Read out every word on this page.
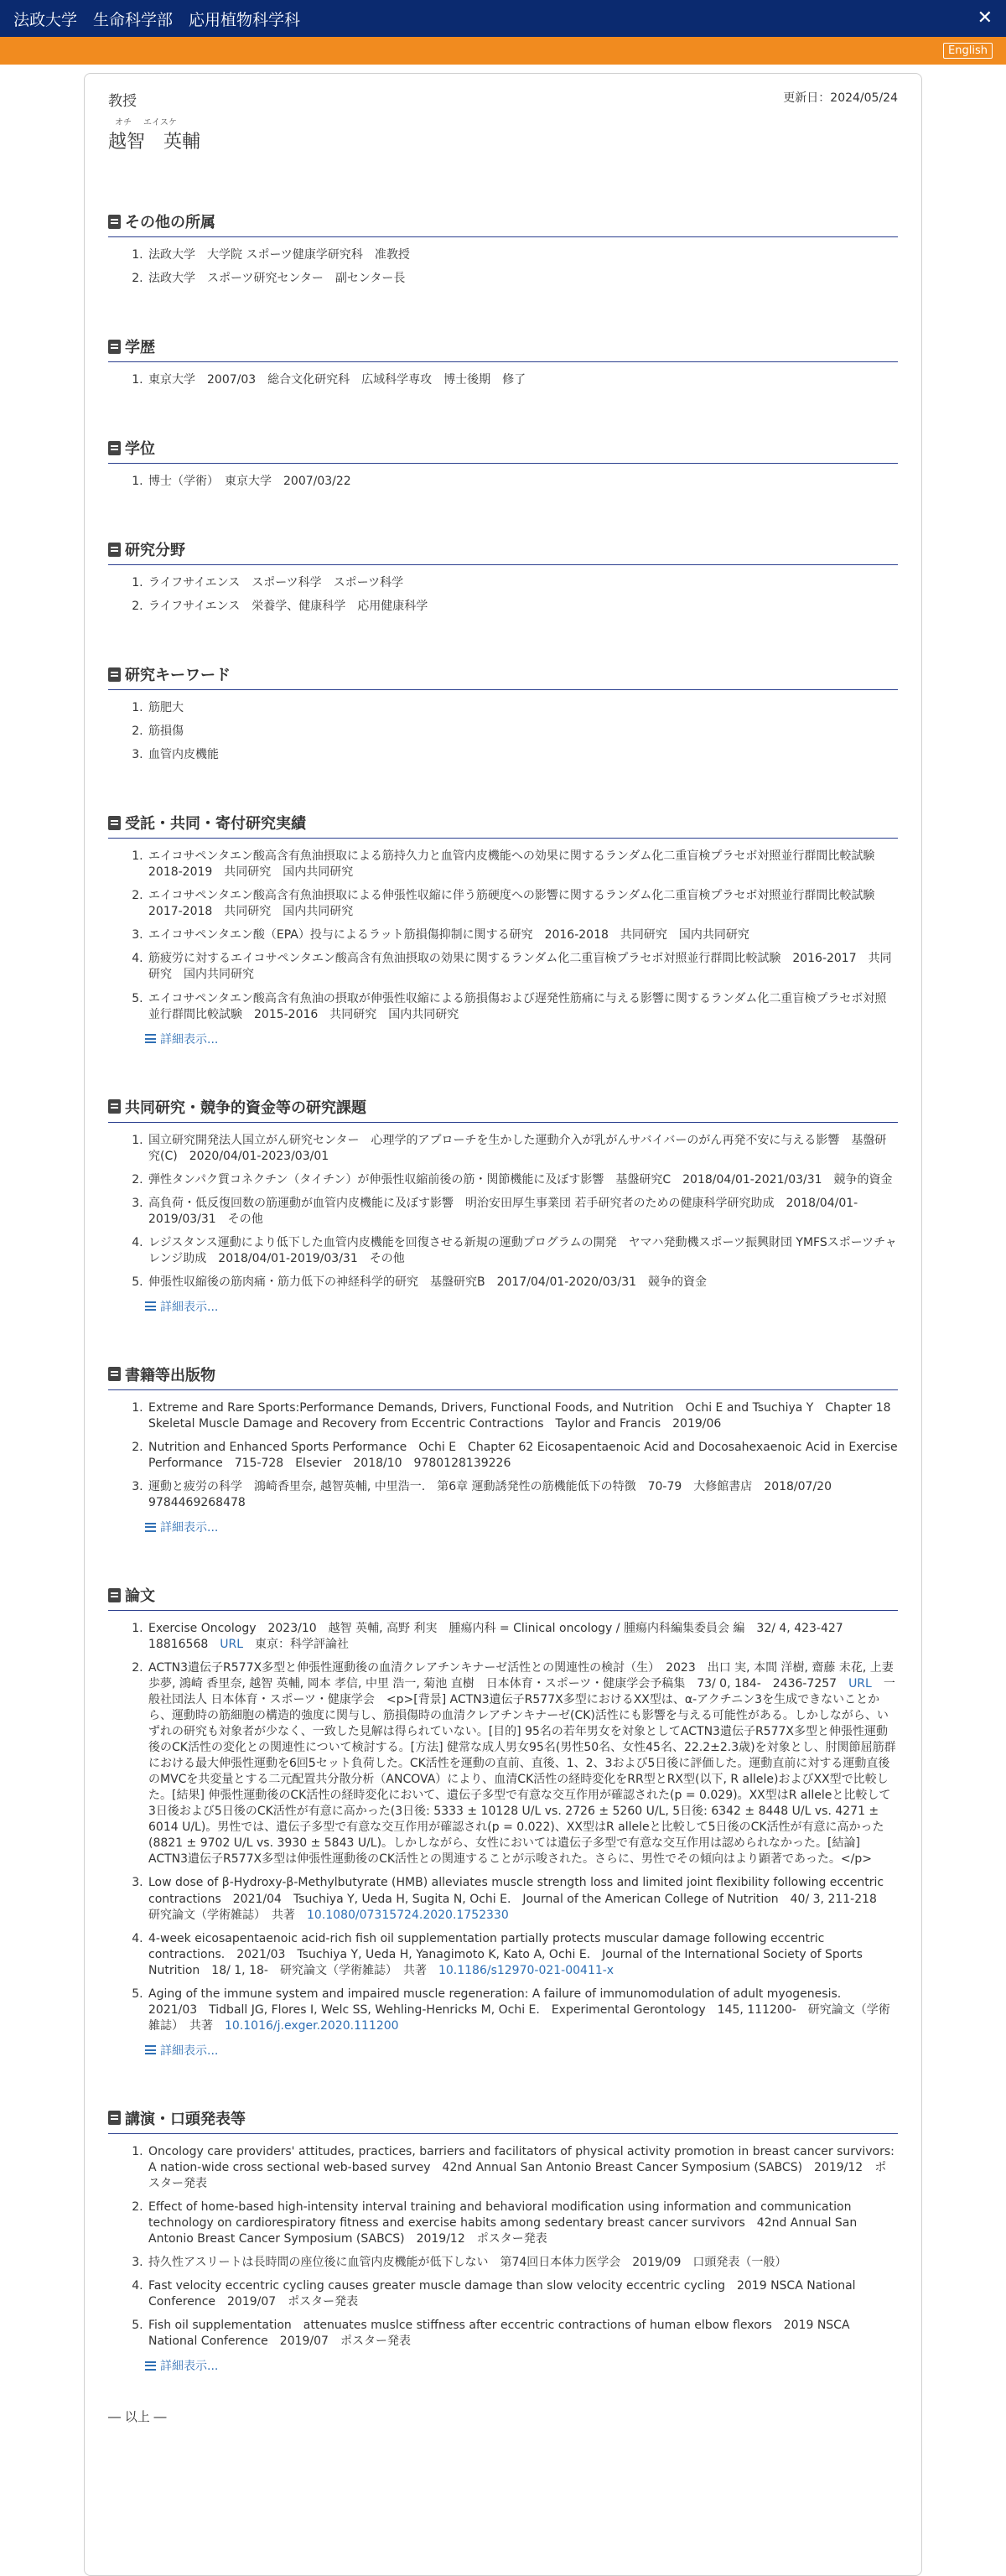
法政大学　生命科学部　応用植物科学科	✕
English
教授	更新日：2024/05/24
オチ エイスケ
越智　英輔
その他の所属
1. 法政大学　大学院 スポーツ健康学研究科　准教授
2. 法政大学　スポーツ研究センター　副センター長
学歴
1. 東京大学　2007/03　総合文化研究科　広域科学専攻　博士後期　修了
学位
1. 博士（学術）　東京大学　2007/03/22
研究分野
1. ライフサイエンス　スポーツ科学　スポーツ科学
2. ライフサイエンス　栄養学、健康科学　応用健康科学
研究キーワード
1. 筋肥大
2. 筋損傷
3. 血管内皮機能
受託・共同・寄付研究実績
1. エイコサペンタエン酸高含有魚油摂取による筋持久力と血管内皮機能への効果に関するランダム化二重盲検プラセボ対照並行群間比較試験　2018-2019　共同研究　国内共同研究
2. エイコサペンタエン酸高含有魚油摂取による伸張性収縮に伴う筋硬度への影響に関するランダム化二重盲検プラセボ対照並行群間比較試験　2017-2018　共同研究　国内共同研究
3. エイコサペンタエン酸（EPA）投与によるラット筋損傷抑制に関する研究　2016-2018　共同研究　国内共同研究
4. 筋疲労に対するエイコサペンタエン酸高含有魚油摂取の効果に関するランダム化二重盲検プラセボ対照並行群間比較試験　2016-2017　共同研究　国内共同研究
5. エイコサペンタエン酸高含有魚油の摂取が伸張性収縮による筋損傷および遅発性筋痛に与える影響に関するランダム化二重盲検プラセボ対照並行群間比較試験　2015-2016　共同研究　国内共同研究
詳細表示...
共同研究・競争的資金等の研究課題
1. 国立研究開発法人国立がん研究センター　心理学的アプローチを生かした運動介入が乳がんサバイバーのがん再発不安に与える影響　基盤研究(C)　2020/04/01-2023/03/01
2. 弾性タンパク質コネクチン（タイチン）が伸張性収縮前後の筋・関節機能に及ぼす影響　基盤研究C　2018/04/01-2021/03/31　競争的資金
3. 高負荷・低反復回数の筋運動が血管内皮機能に及ぼす影響　明治安田厚生事業団 若手研究者のための健康科学研究助成　2018/04/01-2019/03/31　その他
4. レジスタンス運動により低下した血管内皮機能を回復させる新規の運動プログラムの開発　ヤマハ発動機スポーツ振興財団 YMFSスポーツチャレンジ助成　2018/04/01-2019/03/31　その他
5. 伸張性収縮後の筋肉痛・筋力低下の神経科学的研究　基盤研究B　2017/04/01-2020/03/31　競争的資金
詳細表示...
書籍等出版物
1. Extreme and Rare Sports:Performance Demands, Drivers, Functional Foods, and Nutrition　Ochi E and Tsuchiya Y　Chapter 18 Skeletal Muscle Damage and Recovery from Eccentric Contractions　Taylor and Francis　2019/06
2. Nutrition and Enhanced Sports Performance　Ochi E　Chapter 62 Eicosapentaenoic Acid and Docosahexaenoic Acid in Exercise Performance　715-728　Elsevier　2018/10　9780128139226
3. 運動と疲労の科学　鴻崎香里奈, 越智英輔, 中里浩一.　第6章 運動誘発性の筋機能低下の特徴　70-79　大修館書店　2018/07/20　9784469268478
詳細表示...
論文
1. Exercise Oncology　2023/10　越智 英輔, 高野 利実　腫瘍内科 = Clinical oncology / 腫瘍内科編集委員会 編　32/ 4, 423-427　18816568　URL　東京：科学評論社
2. ACTN3遺伝子R577X多型と伸張性運動後の血清クレアチンキナーゼ活性との関連性の検討（生）　2023　出口 実, 本間 洋樹, 齋藤 未花, 上妻 歩夢, 鴻崎 香里奈, 越智 英輔, 岡本 孝信, 中里 浩一, 菊池 直樹　日本体育・スポーツ・健康学会予稿集　73/ 0, 184-　2436-7257　URL　一般社団法人 日本体育・スポーツ・健康学会　<p>[背景] ACTN3遺伝子R577X多型におけるXX型は、α-アクチニン3を生成できないことから、運動時の筋細胞の構造的強度に関与し、筋損傷時の血清クレアチンキナーゼ(CK)活性にも影響を与える可能性がある。しかしながら、いずれの研究も対象者が少なく、一致した見解は得られていない。[目的] 95名の若年男女を対象としてACTN3遺伝子R577X多型と伸張性運動後のCK活性の変化との関連性について検討する。[方法] 健常な成人男女95名(男性50名、女性45名、22.2±2.3歳)を対象とし、肘関節屈筋群における最大伸張性運動を6回5セット負荷した。CK活性を運動の直前、直後、1、2、3および5日後に評価した。運動直前に対する運動直後のMVCを共変量とする二元配置共分散分析（ANCOVA）により、血清CK活性の経時変化をRR型とRX型(以下, R allele)およびXX型で比較した。[結果] 伸張性運動後のCK活性の経時変化において、遺伝子多型で有意な交互作用が確認された(p = 0.029)。XX型はR alleleと比較して3日後および5日後のCK活性が有意に高かった(3日後: 5333 ± 10128 U/L vs. 2726 ± 5260 U/L, 5日後: 6342 ± 8448 U/L vs. 4271 ± 6014 U/L)。男性では、遺伝子多型で有意な交互作用が確認され(p = 0.022)、XX型はR alleleと比較して5日後のCK活性が有意に高かった(8821 ± 9702 U/L vs. 3930 ± 5843 U/L)。しかしながら、女性においては遺伝子多型で有意な交互作用は認められなかった。[結論] ACTN3遺伝子R577X多型は伸張性運動後のCK活性との関連することが示唆された。さらに、男性でその傾向はより顕著であった。</p>
3. Low dose of β-Hydroxy-β-Methylbutyrate (HMB) alleviates muscle strength loss and limited joint flexibility following eccentric contractions　2021/04　Tsuchiya Y, Ueda H, Sugita N, Ochi E.　Journal of the American College of Nutrition　40/ 3, 211-218　研究論文（学術雑誌）　共著　10.1080/07315724.2020.1752330
4. 4-week eicosapentaenoic acid-rich fish oil supplementation partially protects muscular damage following eccentric contractions.　2021/03　Tsuchiya Y, Ueda H, Yanagimoto K, Kato A, Ochi E.　Journal of the International Society of Sports Nutrition　18/ 1, 18-　研究論文（学術雑誌）　共著　10.1186/s12970-021-00411-x
5. Aging of the immune system and impaired muscle regeneration: A failure of immunomodulation of adult myogenesis.　2021/03　Tidball JG, Flores I, Welc SS, Wehling-Henricks M, Ochi E.　Experimental Gerontology　145, 111200-　研究論文（学術雑誌）　共著　10.1016/j.exger.2020.111200
詳細表示...
講演・口頭発表等
1. Oncology care providers' attitudes, practices, barriers and facilitators of physical activity promotion in breast cancer survivors: A nation-wide cross sectional web-based survey　42nd Annual San Antonio Breast Cancer Symposium (SABCS)　2019/12　ポスター発表
2. Effect of home-based high-intensity interval training and behavioral modification using information and communication technology on cardiorespiratory fitness and exercise habits among sedentary breast cancer survivors　42nd Annual San Antonio Breast Cancer Symposium (SABCS)　2019/12　ポスター発表
3. 持久性アスリートは長時間の座位後に血管内皮機能が低下しない　第74回日本体力医学会　2019/09　口頭発表（一般）
4. Fast velocity eccentric cycling causes greater muscle damage than slow velocity eccentric cycling　2019 NSCA National Conference　2019/07　ポスター発表
5. Fish oil supplementation　attenuates muslce stiffness after eccentric contractions of human elbow flexors　2019 NSCA National Conference　2019/07　ポスター発表
詳細表示...
― 以上 ―
